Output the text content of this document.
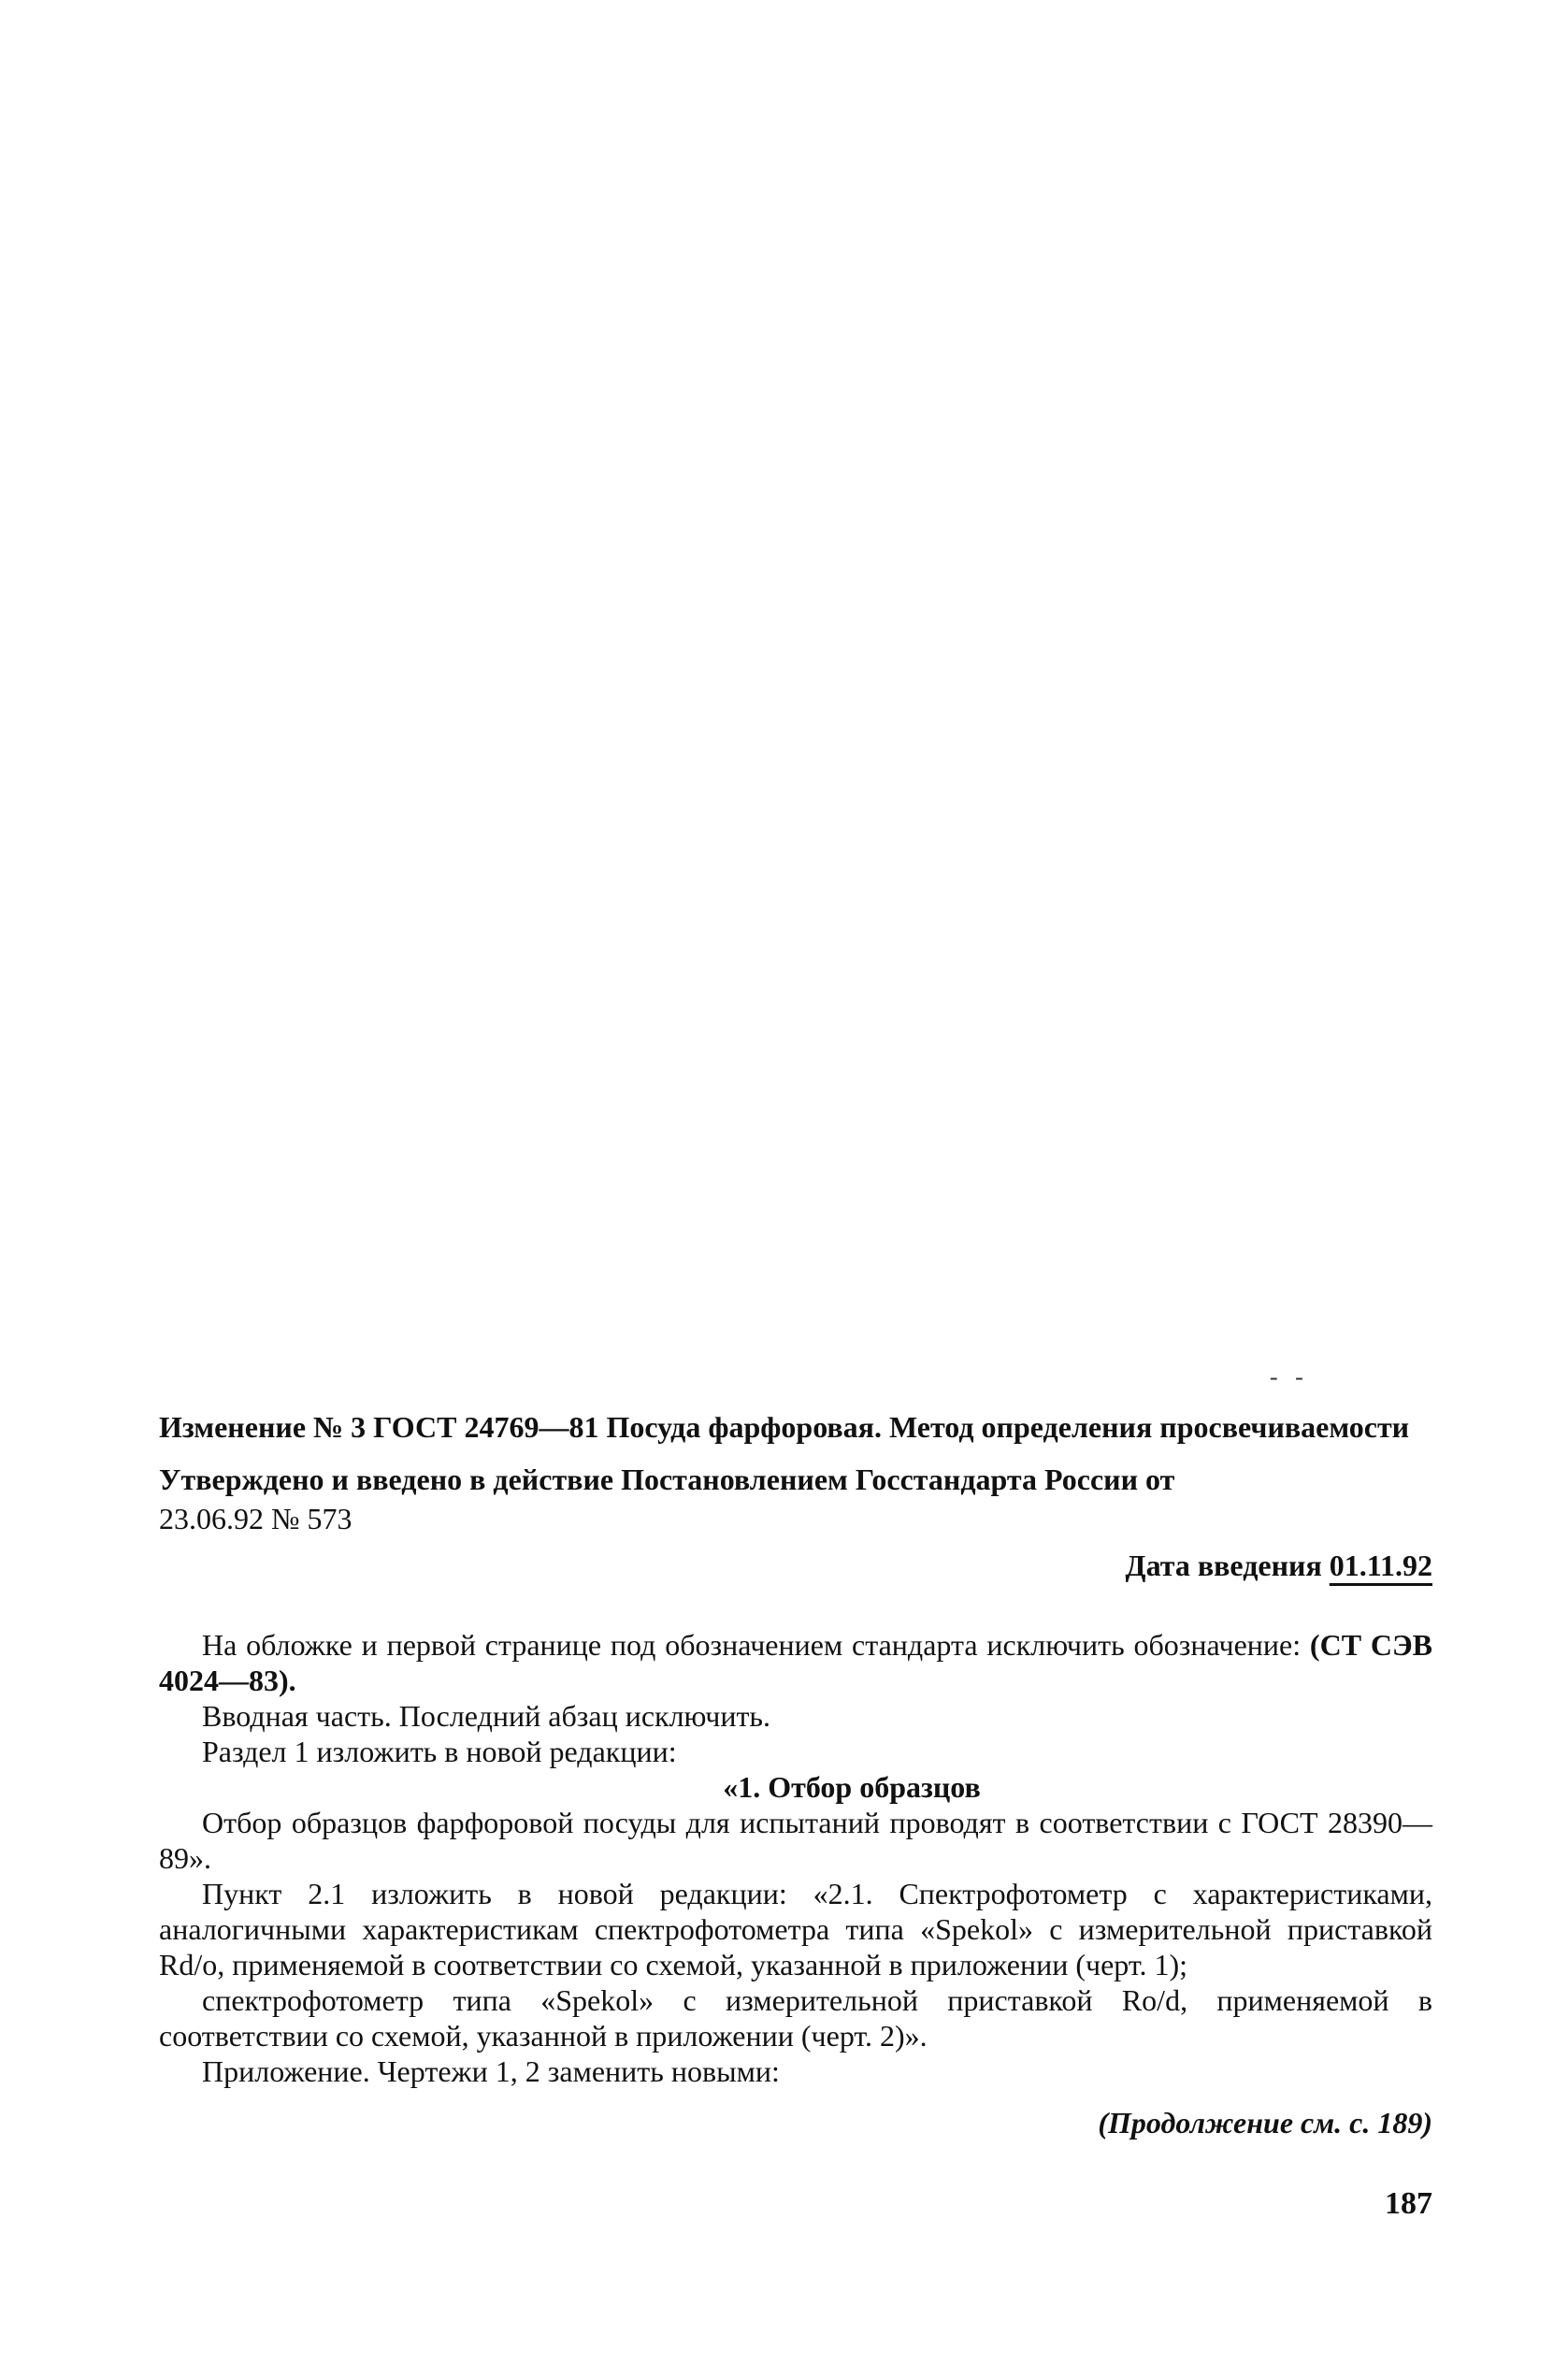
- -
Изменение № 3 ГОСТ 24769—81 Посуда фарфоровая. Метод определения просвечиваемости
Утверждено и введено в действие Постановлением Госстандарта России от
23.06.92 № 573
Дата введения 01.11.92

На обложке и первой странице под обозначением стандарта исключить обозначение: (СТ СЭВ 4024—83).

Вводная часть. Последний абзац исключить.

Раздел 1 изложить в новой редакции:

«1. Отбор образцов

Отбор образцов фарфоровой посуды для испытаний проводят в соответствии с ГОСТ 28390—89».

Пункт 2.1 изложить в новой редакции: «2.1. Спектрофотометр с характеристиками, аналогичными характеристикам спектрофотометра типа «Spekol» с измерительной приставкой Rd/o, применяемой в соответствии со схемой, указанной в приложении (черт. 1);

спектрофотометр типа «Spekol» с измерительной приставкой Ro/d, применяемой в соответствии со схемой, указанной в приложении (черт. 2)».

Приложение. Чертежи 1, 2 заменить новыми:

(Продолжение см. с. 189)
187
